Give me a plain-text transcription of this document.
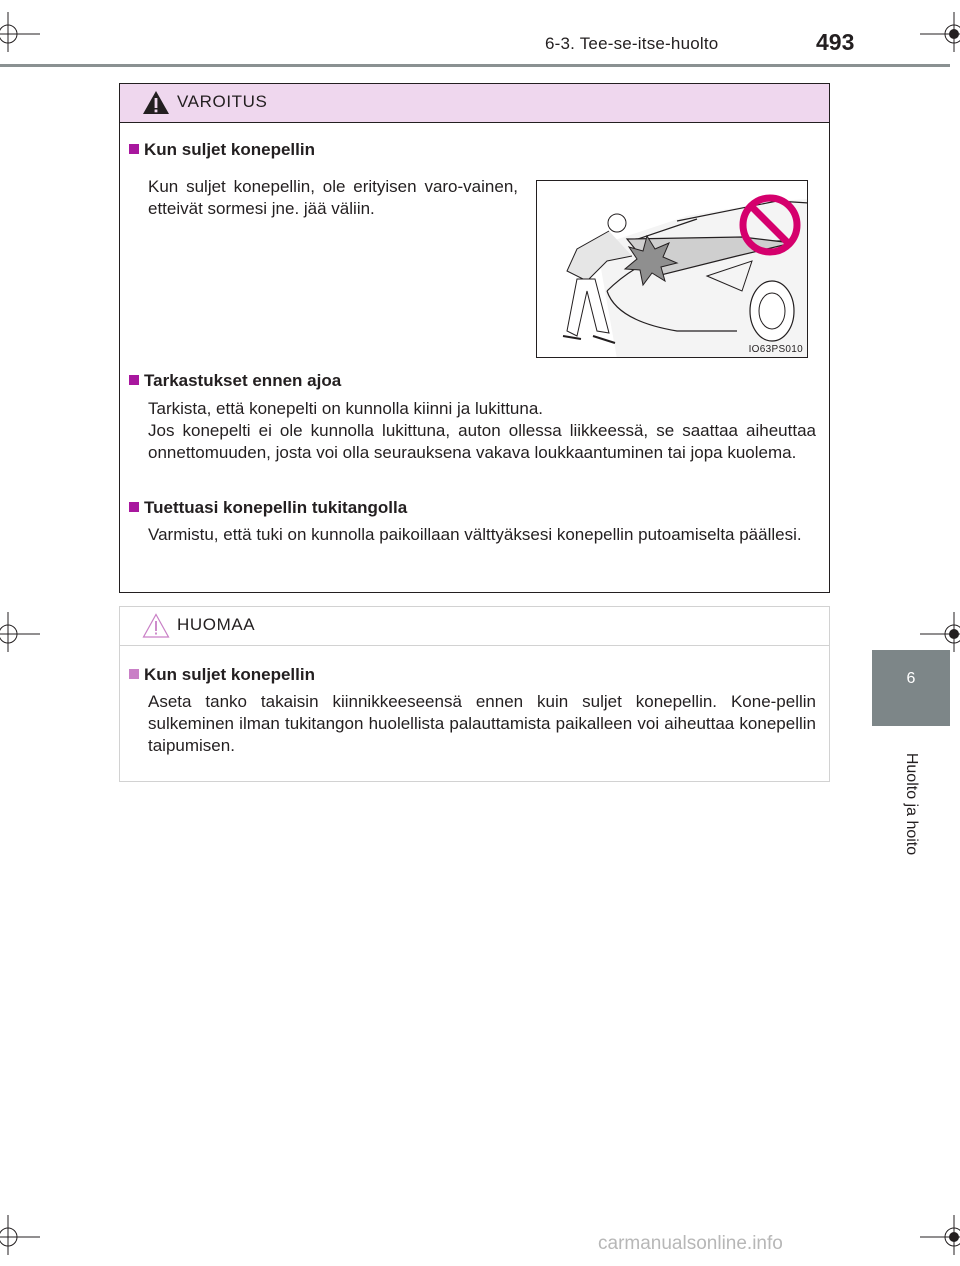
6-3. Tee-se-itse-huolto	493
6
Huolto ja hoito
VAROITUS
Kun suljet konepellin

Kun suljet konepellin, ole erityisen varo-vainen, etteivät sormesi jne. jää väliin.

IO63PS010
Tarkastukset ennen ajoa

Tarkista, että konepelti on kunnolla kiinni ja lukittuna.

Jos konepelti ei ole kunnolla lukittuna, auton ollessa liikkeessä, se saattaa aiheuttaa onnettomuuden, josta voi olla seurauksena vakava loukkaantuminen tai jopa kuolema.

Tuettuasi konepellin tukitangolla

Varmistu, että tuki on kunnolla paikoillaan välttyäksesi konepellin putoamiselta päällesi.

HUOMAA
Kun suljet konepellin

Aseta tanko takaisin kiinnikkeeseensä ennen kuin suljet konepellin. Kone-pellin sulkeminen ilman tukitangon huolellista palauttamista paikalleen voi aiheuttaa konepellin taipumisen.

carmanualsonline.info
